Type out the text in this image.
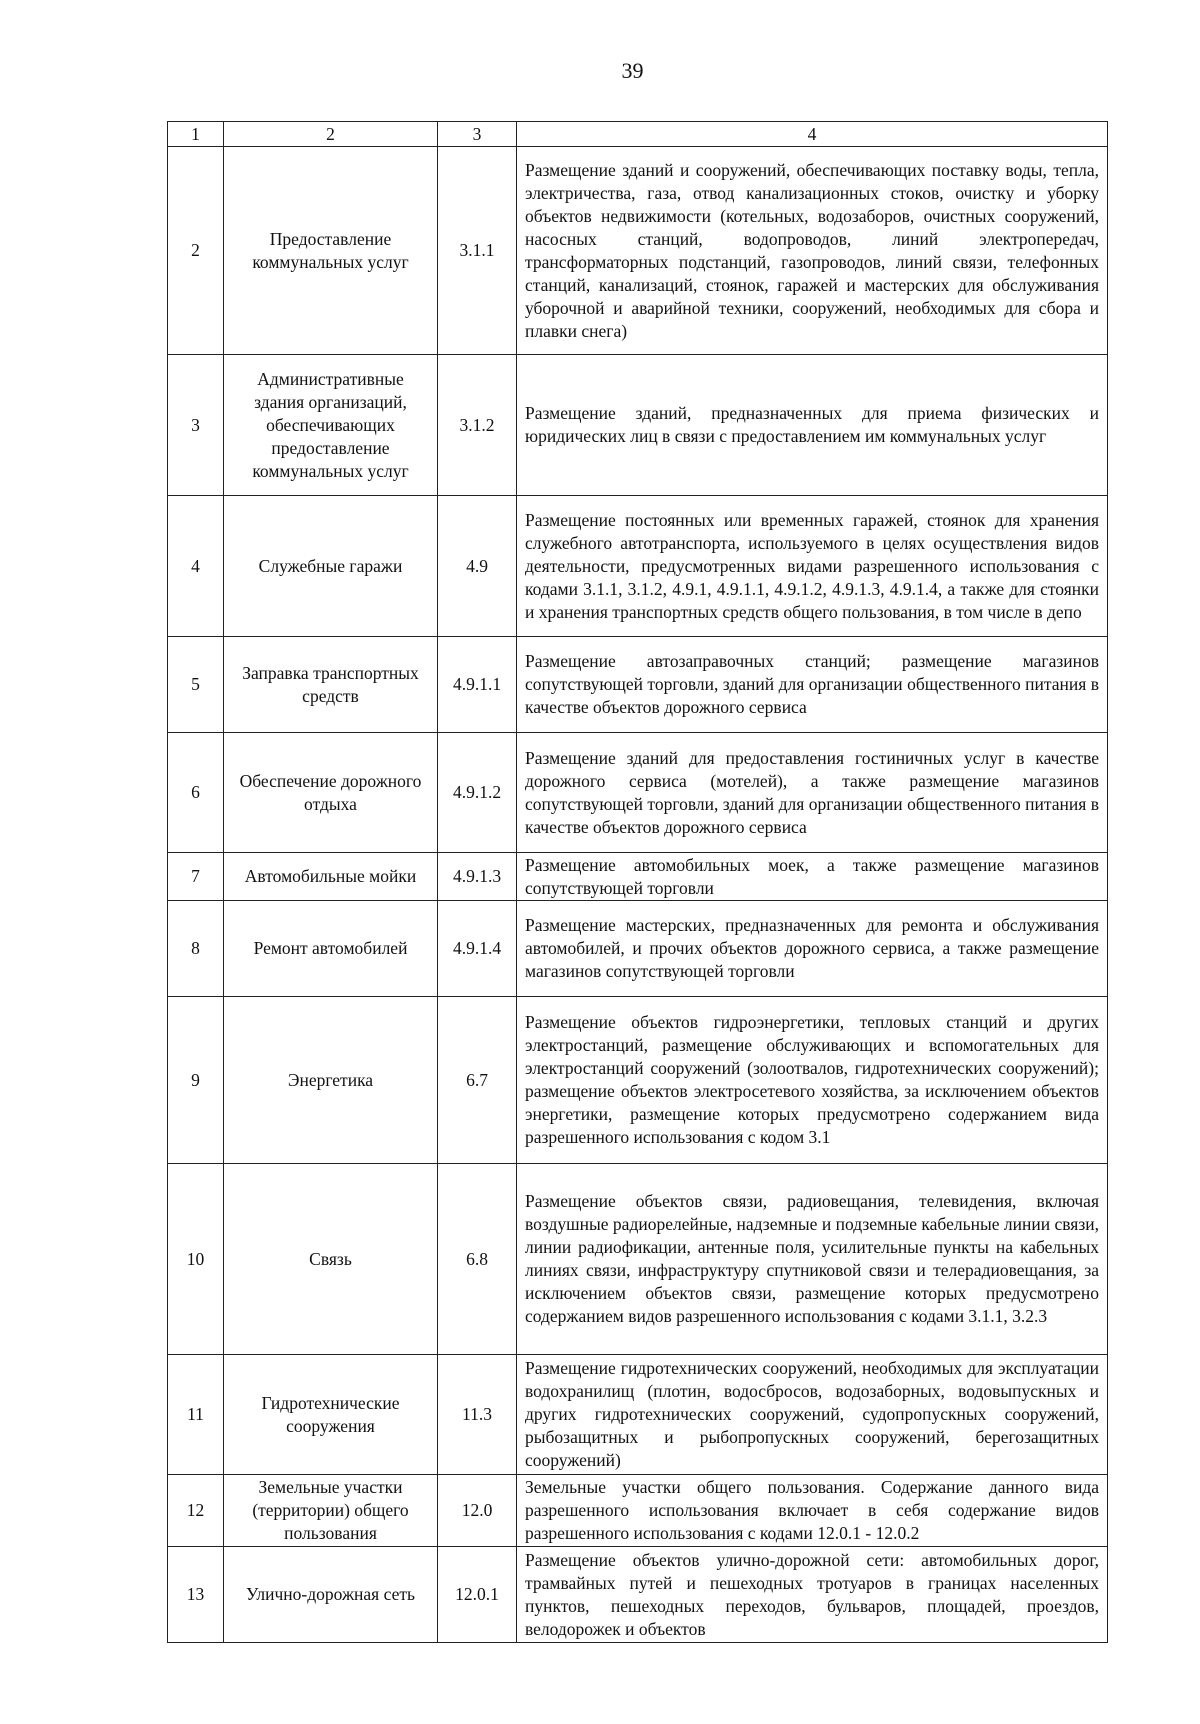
39
1	2	3	4
2	Предоставление коммунальных услуг	3.1.1	Размещение зданий и сооружений, обеспечивающих поставку воды, тепла, электричества, газа, отвод канализационных стоков, очистку и уборку объектов недвижимости (котельных, водозаборов, очистных сооружений, насосных станций, водопроводов, линий электропередач, трансформаторных подстанций, газопроводов, линий связи, телефонных станций, канализаций, стоянок, гаражей и мастерских для обслуживания уборочной и аварийной техники, сооружений, необходимых для сбора и плавки снега)
3	Административные здания организаций, обеспечивающих предоставление коммунальных услуг	3.1.2	Размещение зданий, предназначенных для приема физических и юридических лиц в связи с предоставлением им коммунальных услуг
4	Служебные гаражи	4.9	Размещение постоянных или временных гаражей, стоянок для хранения служебного автотранспорта, используемого в целях осуществления видов деятельности, предусмотренных видами разрешенного использования с кодами 3.1.1, 3.1.2, 4.9.1, 4.9.1.1, 4.9.1.2, 4.9.1.3, 4.9.1.4, а также для стоянки и хранения транспортных средств общего пользования, в том числе в депо
5	Заправка транспортных средств	4.9.1.1	Размещение автозаправочных станций; размещение магазинов сопутствующей торговли, зданий для организации общественного питания в качестве объектов дорожного сервиса
6	Обеспечение дорожного отдыха	4.9.1.2	Размещение зданий для предоставления гостиничных услуг в качестве дорожного сервиса (мотелей), а также размещение магазинов сопутствующей торговли, зданий для организации общественного питания в качестве объектов дорожного сервиса
7	Автомобильные мойки	4.9.1.3	Размещение автомобильных моек, а также размещение магазинов сопутствующей торговли
8	Ремонт автомобилей	4.9.1.4	Размещение мастерских, предназначенных для ремонта и обслуживания автомобилей, и прочих объектов дорожного сервиса, а также размещение магазинов сопутствующей торговли
9	Энергетика	6.7	Размещение объектов гидроэнергетики, тепловых станций и других электростанций, размещение обслуживающих и вспомогательных для электростанций сооружений (золоотвалов, гидротехнических сооружений); размещение объектов электросетевого хозяйства, за исключением объектов энергетики, размещение которых предусмотрено содержанием вида разрешенного использования с кодом 3.1
10	Связь	6.8	Размещение объектов связи, радиовещания, телевидения, включая воздушные радиорелейные, надземные и подземные кабельные линии связи, линии радиофикации, антенные поля, усилительные пункты на кабельных линиях связи, инфраструктуру спутниковой связи и телерадиовещания, за исключением объектов связи, размещение которых предусмотрено содержанием видов разрешенного использования с кодами 3.1.1, 3.2.3
11	Гидротехнические сооружения	11.3	Размещение гидротехнических сооружений, необходимых для эксплуатации водохранилищ (плотин, водосбросов, водозаборных, водовыпускных и других гидротехнических сооружений, судопропускных сооружений, рыбозащитных и рыбопропускных сооружений, берегозащитных сооружений)
12	Земельные участки (территории) общего пользования	12.0	Земельные участки общего пользования. Содержание данного вида разрешенного использования включает в себя содержание видов разрешенного использования с кодами 12.0.1 - 12.0.2
13	Улично-дорожная сеть	12.0.1	Размещение объектов улично-дорожной сети: автомобильных дорог, трамвайных путей и пешеходных тротуаров в границах населенных пунктов, пешеходных переходов, бульваров, площадей, проездов, велодорожек и объектов
